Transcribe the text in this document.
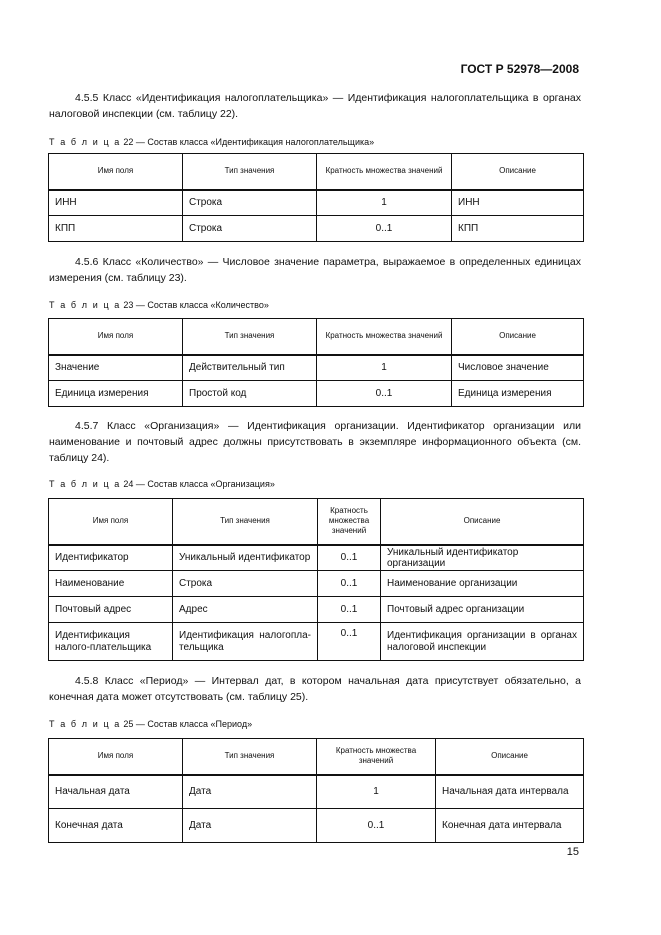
ГОСТ Р 52978—2008

4.5.5 Класс «Идентификация налогоплательщика» — Идентификация налогоплательщика в органах налоговой инспекции (см. таблицу 22).

Т а б л и ц а 22 — Состав класса «Идентификация налогоплательщика»

Имя поля	Тип значения	Кратность множества значений	Описание
ИНН	Строка	1	ИНН
КПП	Строка	0..1	КПП

4.5.6 Класс «Количество» — Числовое значение параметра, выражаемое в определенных единицах измерения (см. таблицу 23).

Т а б л и ц а 23 — Состав класса «Количество»

Имя поля	Тип значения	Кратность множества значений	Описание
Значение	Действительный тип	1	Числовое значение
Единица измерения	Простой код	0..1	Единица измерения

4.5.7 Класс «Организация» — Идентификация организации. Идентификатор организации или наименование и почтовый адрес должны присутствовать в экземпляре информационного объекта (см. таблицу 24).

Т а б л и ц а 24 — Состав класса «Организация»

Имя поля	Тип значения	Кратность множества значений	Описание
Идентификатор	Уникальный идентификатор	0..1	Уникальный идентификатор организации
Наименование	Строка	0..1	Наименование организации
Почтовый адрес	Адрес	0..1	Почтовый адрес организации
Идентификация налого-плательщика	Идентификация налогопла-тельщика	0..1	Идентификация организации в органах налоговой инспекции

4.5.8 Класс «Период» — Интервал дат, в котором начальная дата присутствует обязательно, а конечная дата может отсутствовать (см. таблицу 25).

Т а б л и ц а 25 — Состав класса «Период»

Имя поля	Тип значения	Кратность множества значений	Описание
Начальная дата	Дата	1	Начальная дата интервала
Конечная дата	Дата	0..1	Конечная дата интервала
15
